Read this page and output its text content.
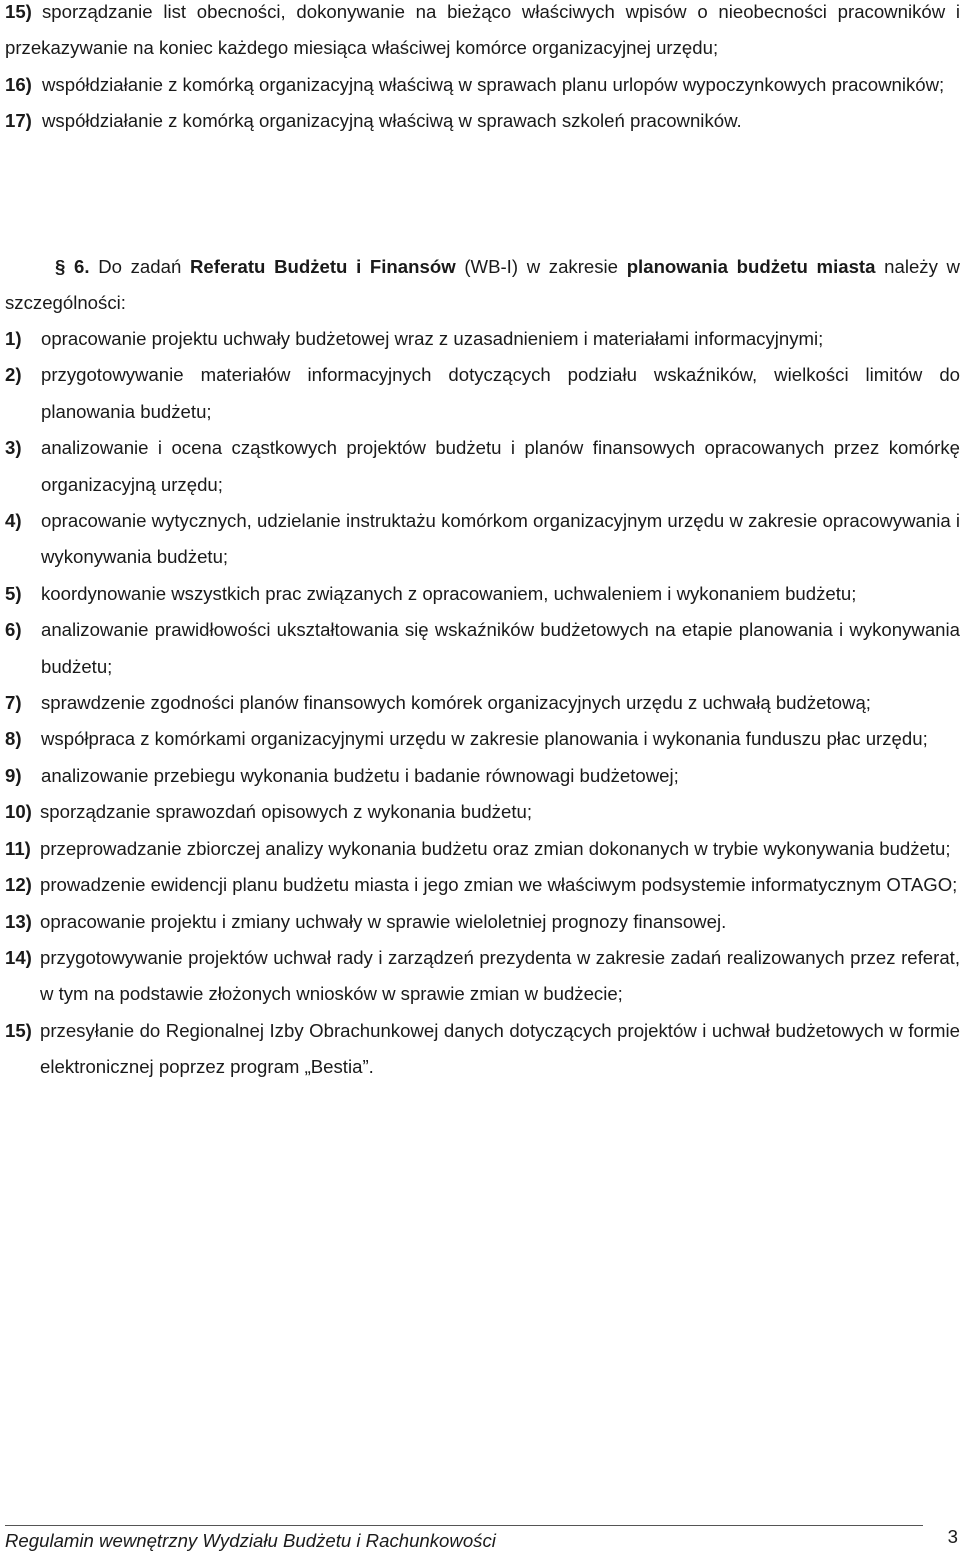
15) sporządzanie list obecności, dokonywanie na bieżąco właściwych wpisów o nieobecności pracowników i przekazywanie na koniec każdego miesiąca właściwej komórce organizacyjnej urzędu;
16) współdziałanie z komórką organizacyjną właściwą w sprawach planu urlopów wypoczynkowych pracowników;
17) współdziałanie z komórką organizacyjną właściwą w sprawach szkoleń pracowników.
§ 6. Do zadań Referatu Budżetu i Finansów (WB-I) w zakresie planowania budżetu miasta należy w szczególności:
1)	opracowanie projektu uchwały budżetowej wraz z uzasadnieniem i materiałami informacyjnymi;
2)	przygotowywanie materiałów informacyjnych dotyczących podziału wskaźników, wielkości limitów do planowania budżetu;
3)	analizowanie i ocena cząstkowych projektów budżetu i planów finansowych opracowanych przez komórkę organizacyjną urzędu;
4)	opracowanie wytycznych, udzielanie instruktażu komórkom organizacyjnym urzędu w zakresie opracowywania i wykonywania budżetu;
5)	koordynowanie wszystkich prac związanych z opracowaniem, uchwaleniem i wykonaniem budżetu;
6)	analizowanie prawidłowości ukształtowania się wskaźników budżetowych na etapie planowania i wykonywania budżetu;
7)	sprawdzenie zgodności planów finansowych komórek organizacyjnych urzędu z uchwałą budżetową;
8)	współpraca z komórkami organizacyjnymi urzędu w zakresie planowania i wykonania funduszu płac urzędu;
9)	analizowanie przebiegu wykonania budżetu i badanie równowagi budżetowej;
10) sporządzanie sprawozdań opisowych z wykonania budżetu;
11) przeprowadzanie zbiorczej analizy wykonania budżetu oraz zmian dokonanych w trybie wykonywania budżetu;
12) prowadzenie ewidencji planu budżetu miasta i jego zmian we właściwym podsystemie informatycznym OTAGO;
13) opracowanie projektu i zmiany uchwały w sprawie wieloletniej prognozy finansowej.
14) przygotowywanie projektów uchwał rady i zarządzeń prezydenta w zakresie zadań realizowanych przez referat, w tym na podstawie złożonych wniosków w sprawie zmian w budżecie;
15) przesyłanie do Regionalnej Izby Obrachunkowej danych dotyczących projektów i uchwał budżetowych w formie elektronicznej poprzez program „Bestia”.
Regulamin wewnętrzny Wydziału Budżetu i Rachunkowości	3
